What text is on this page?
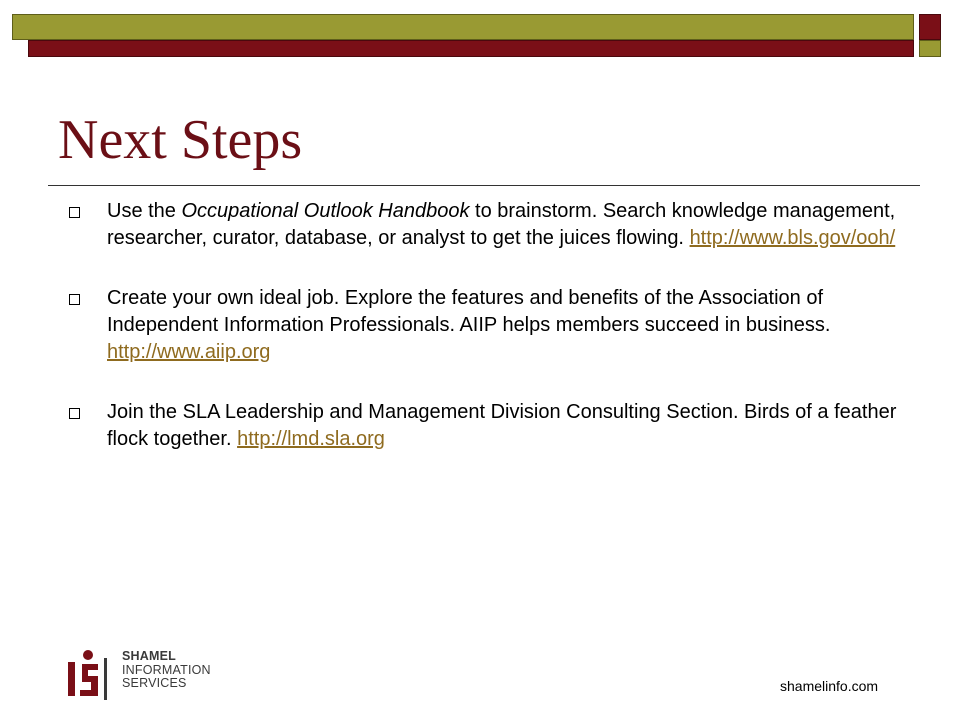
Next Steps
Use the Occupational Outlook Handbook to brainstorm. Search knowledge management, researcher, curator, database, or analyst to get the juices flowing. http://www.bls.gov/ooh/
Create your own ideal job. Explore the features and benefits of the Association of Independent Information Professionals. AIIP helps members succeed in business. http://www.aiip.org
Join the SLA Leadership and Management Division Consulting Section. Birds of a feather flock together. http://lmd.sla.org
SHAMEL
INFORMATION
SERVICES	shamelinfo.com
